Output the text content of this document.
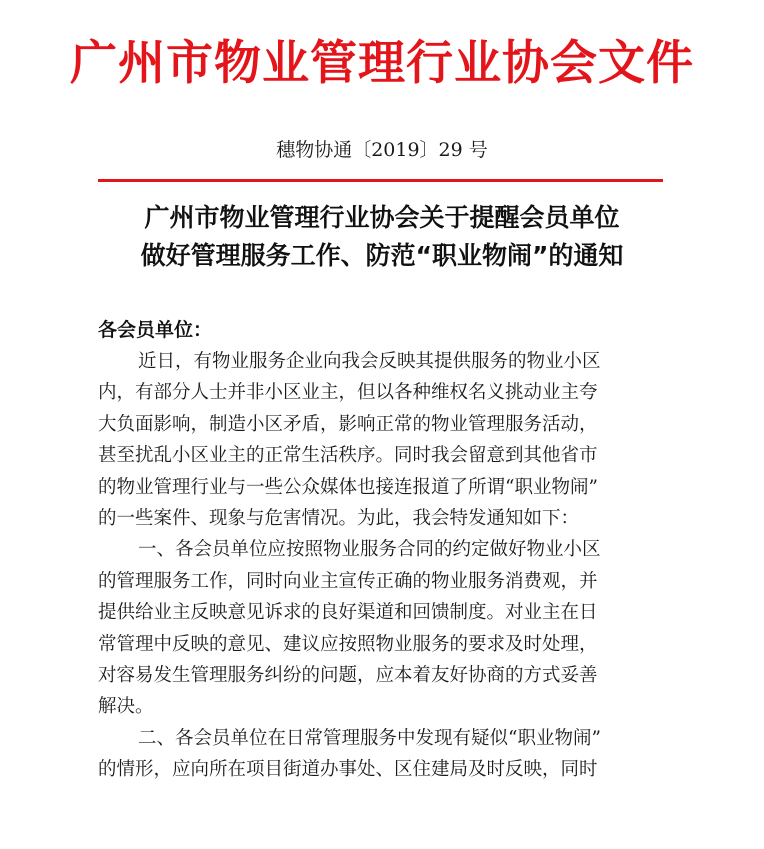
广州市物业管理行业协会文件
穗物协通〔2019〕29 号
广州市物业管理行业协会关于提醒会员单位
做好管理服务工作、防范“职业物闹”的通知
各会员单位：
近日，有物业服务企业向我会反映其提供服务的物业小区
内，有部分人士并非小区业主，但以各种维权名义挑动业主夸
大负面影响，制造小区矛盾，影响正常的物业管理服务活动，
甚至扰乱小区业主的正常生活秩序。同时我会留意到其他省市
的物业管理行业与一些公众媒体也接连报道了所谓“职业物闹”
的一些案件、现象与危害情况。为此，我会特发通知如下：
一、各会员单位应按照物业服务合同的约定做好物业小区
的管理服务工作，同时向业主宣传正确的物业服务消费观，并
提供给业主反映意见诉求的良好渠道和回馈制度。对业主在日
常管理中反映的意见、建议应按照物业服务的要求及时处理，
对容易发生管理服务纠纷的问题，应本着友好协商的方式妥善
解决。
二、各会员单位在日常管理服务中发现有疑似“职业物闹”
的情形，应向所在项目街道办事处、区住建局及时反映，同时
